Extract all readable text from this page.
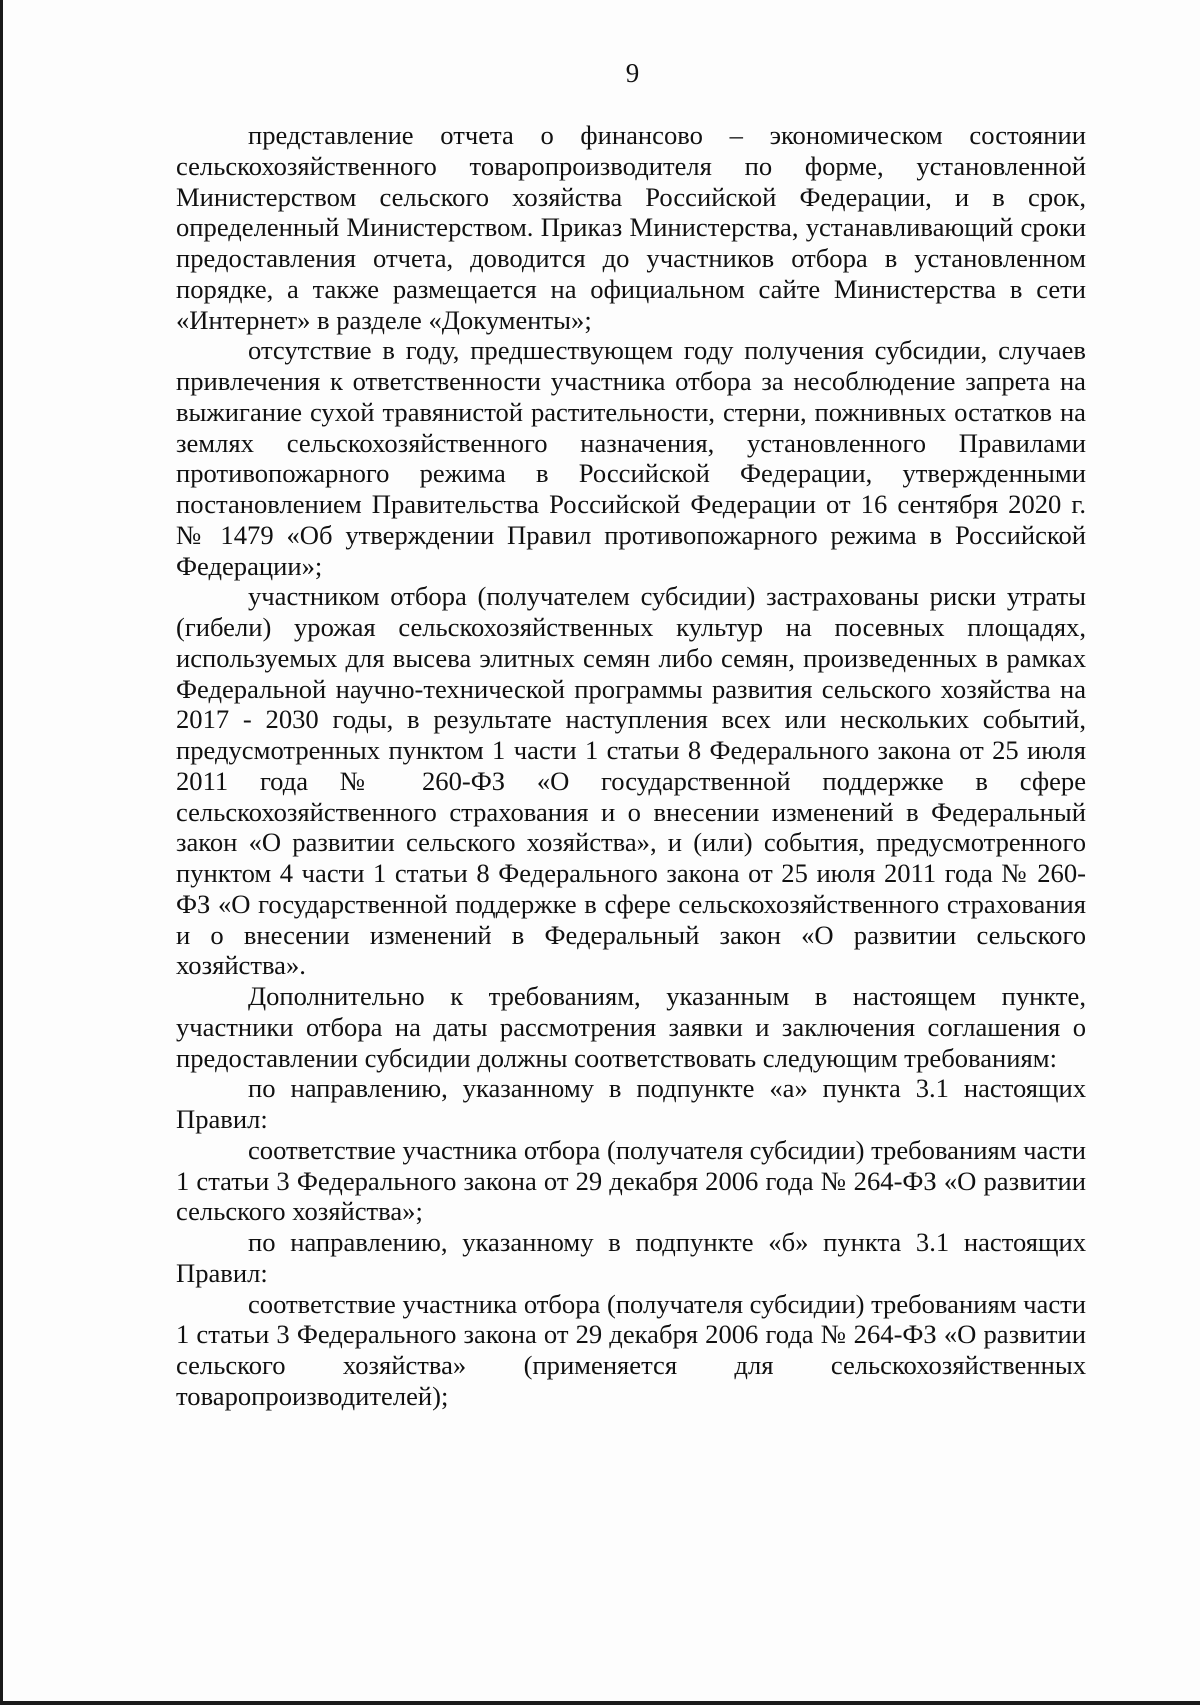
9

представление отчета о финансово – экономическом состоянии сельскохозяйственного товаропроизводителя по форме, установленной Министерством сельского хозяйства Российской Федерации, и в срок, определенный Министерством. Приказ Министерства, устанавливающий сроки предоставления отчета, доводится до участников отбора в установленном порядке, а также размещается на официальном сайте Министерства в сети «Интернет» в разделе «Документы»;

отсутствие в году, предшествующем году получения субсидии, случаев привлечения к ответственности участника отбора за несоблюдение запрета на выжигание сухой травянистой растительности, стерни, пожнивных остатков на землях сельскохозяйственного назначения, установленного Правилами противопожарного режима в Российской Федерации, утвержденными постановлением Правительства Российской Федерации от 16 сентября 2020 г. № 1479 «Об утверждении Правил противопожарного режима в Российской Федерации»;

участником отбора (получателем субсидии) застрахованы риски утраты (гибели) урожая сельскохозяйственных культур на посевных площадях, используемых для высева элитных семян либо семян, произведенных в рамках Федеральной научно-технической программы развития сельского хозяйства на 2017 - 2030 годы, в результате наступления всех или нескольких событий, предусмотренных пунктом 1 части 1 статьи 8 Федерального закона от 25 июля 2011 года № 260-ФЗ «О государственной поддержке в сфере сельскохозяйственного страхования и о внесении изменений в Федеральный закон «О развитии сельского хозяйства», и (или) события, предусмотренного пунктом 4 части 1 статьи 8 Федерального закона от 25 июля 2011 года № 260-ФЗ «О государственной поддержке в сфере сельскохозяйственного страхования и о внесении изменений в Федеральный закон «О развитии сельского хозяйства».

Дополнительно к требованиям, указанным в настоящем пункте, участники отбора на даты рассмотрения заявки и заключения соглашения о предоставлении субсидии должны соответствовать следующим требованиям:

по направлению, указанному в подпункте «а» пункта 3.1 настоящих Правил:

соответствие участника отбора (получателя субсидии) требованиям части 1 статьи 3 Федерального закона от 29 декабря 2006 года № 264-ФЗ «О развитии сельского хозяйства»;

по направлению, указанному в подпункте «б» пункта 3.1 настоящих Правил:

соответствие участника отбора (получателя субсидии) требованиям части 1 статьи 3 Федерального закона от 29 декабря 2006 года № 264-ФЗ «О развитии сельского хозяйства» (применяется для сельскохозяйственных товаропроизводителей);
